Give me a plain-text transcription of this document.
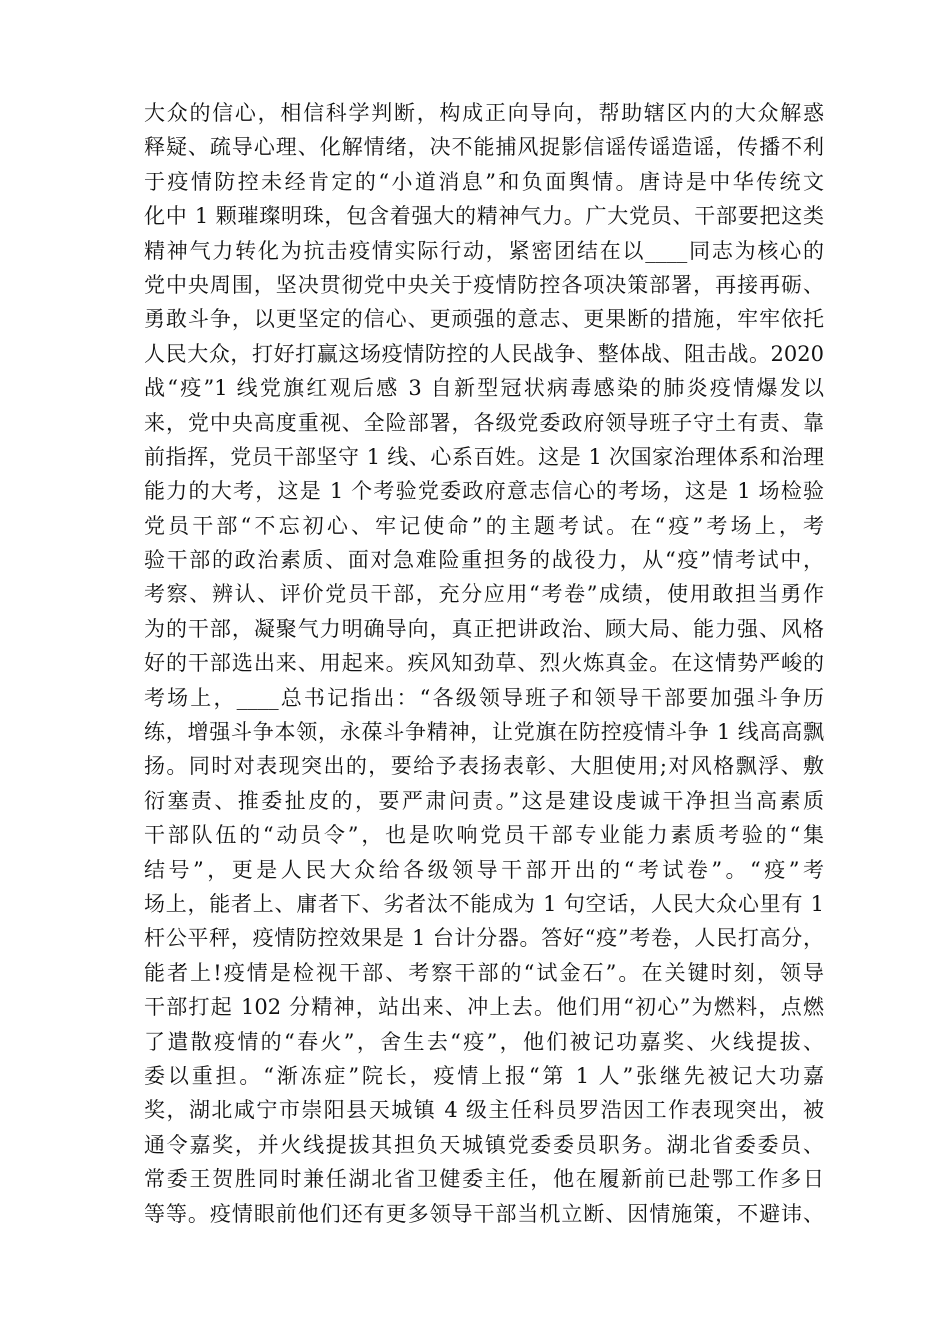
大众的信心，相信科学判断，构成正向导向，帮助辖区内的大众解惑
释疑、疏导心理、化解情绪，决不能捕风捉影信谣传谣造谣，传播不利
于疫情防控未经肯定的“小道消息”和负面舆情。唐诗是中华传统文
化中 1 颗璀璨明珠，包含着强大的精神气力。广大党员、干部要把这类
精神气力转化为抗击疫情实际行动，紧密团结在以____同志为核心的
党中央周围，坚决贯彻党中央关于疫情防控各项决策部署，再接再砺、
勇敢斗争，以更坚定的信心、更顽强的意志、更果断的措施，牢牢依托
人民大众，打好打赢这场疫情防控的人民战争、整体战、阻击战。2020
战“疫”1 线党旗红观后感 3 自新型冠状病毒感染的肺炎疫情爆发以
来，党中央高度重视、全险部署，各级党委政府领导班子守土有责、靠
前指挥，党员干部坚守 1 线、心系百姓。这是 1 次国家治理体系和治理
能力的大考，这是 1 个考验党委政府意志信心的考场，这是 1 场检验
党员干部“不忘初心、牢记使命”的主题考试。在“疫”考场上，考
验干部的政治素质、面对急难险重担务的战役力，从“疫”情考试中，
考察、辨认、评价党员干部，充分应用“考卷”成绩，使用敢担当勇作
为的干部，凝聚气力明确导向，真正把讲政治、顾大局、能力强、风格
好的干部选出来、用起来。疾风知劲草、烈火炼真金。在这情势严峻的
考场上，____总书记指出：“各级领导班子和领导干部要加强斗争历
练，增强斗争本领，永葆斗争精神，让党旗在防控疫情斗争 1 线高高飘
扬。同时对表现突出的，要给予表扬表彰、大胆使用;对风格飘浮、敷
衍塞责、推委扯皮的，要严肃问责。”这是建设虔诚干净担当高素质
干部队伍的“动员令”，也是吹响党员干部专业能力素质考验的“集
结号”，更是人民大众给各级领导干部开出的“考试卷”。“疫”考
场上，能者上、庸者下、劣者汰不能成为 1 句空话，人民大众心里有 1
杆公平秤，疫情防控效果是 1 台计分器。答好“疫”考卷，人民打高分，
能者上!疫情是检视干部、考察干部的“试金石”。在关键时刻，领导
干部打起 102 分精神，站出来、冲上去。他们用“初心”为燃料，点燃
了遣散疫情的“春火”，舍生去“疫”，他们被记功嘉奖、火线提拔、
委以重担。“渐冻症”院长，疫情上报“第 1 人”张继先被记大功嘉
奖，湖北咸宁市崇阳县天城镇 4 级主任科员罗浩因工作表现突出，被
通令嘉奖，并火线提拔其担负天城镇党委委员职务。湖北省委委员、
常委王贺胜同时兼任湖北省卫健委主任，他在履新前已赴鄂工作多日
等等。疫情眼前他们还有更多领导干部当机立断、因情施策，不避讳、
